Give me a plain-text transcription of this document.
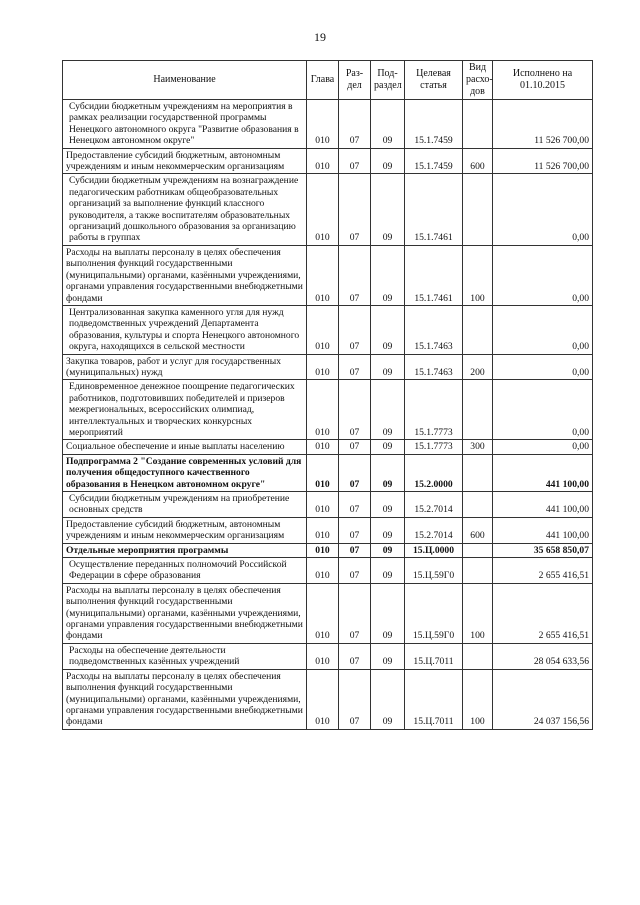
19
Наименование	Глава	Раз-дел	Под-раздел	Целевая статья	Вид расхо-дов	Исполнено на 01.10.2015
Субсидии бюджетным учреждениям на мероприятия в рамках реализации государственной программы Ненецкого автономного округа "Развитие образования в Ненецком автономном округе"	010	07	09	15.1.7459		11 526 700,00
Предоставление субсидий бюджетным, автономным учреждениям и иным некоммерческим организациям	010	07	09	15.1.7459	600	11 526 700,00
Субсидии бюджетным учреждениям на вознаграждение педагогическим работникам общеобразовательных организаций за выполнение функций классного руководителя, а также воспитателям образовательных организаций дошкольного образования за организацию работы в группах	010	07	09	15.1.7461		0,00
Расходы на выплаты персоналу в целях обеспечения выполнения функций государственными (муниципальными) органами, казёнными учреждениями, органами управления государственными внебюджетными фондами	010	07	09	15.1.7461	100	0,00
Централизованная закупка каменного угля для нужд подведомственных учреждений Департамента образования, культуры и спорта Ненецкого автономного округа, находящихся в сельской местности	010	07	09	15.1.7463		0,00
Закупка товаров, работ и услуг для государственных (муниципальных) нужд	010	07	09	15.1.7463	200	0,00
Единовременное денежное поощрение педагогических работников, подготовивших победителей и призеров межрегиональных, всероссийских олимпиад, интеллектуальных и творческих конкурсных мероприятий	010	07	09	15.1.7773		0,00
Социальное обеспечение и иные выплаты населению	010	07	09	15.1.7773	300	0,00
Подпрограмма 2 "Создание современных условий для получения общедоступного качественного образования в Ненецком автономном округе"	010	07	09	15.2.0000		441 100,00
Субсидии бюджетным учреждениям на приобретение основных средств	010	07	09	15.2.7014		441 100,00
Предоставление субсидий бюджетным, автономным учреждениям и иным некоммерческим организациям	010	07	09	15.2.7014	600	441 100,00
Отдельные мероприятия программы	010	07	09	15.Ц.0000		35 658 850,07
Осуществление переданных полномочий Российской Федерации в сфере образования	010	07	09	15.Ц.59Г0		2 655 416,51
Расходы на выплаты персоналу в целях обеспечения выполнения функций государственными (муниципальными) органами, казёнными учреждениями, органами управления государственными внебюджетными фондами	010	07	09	15.Ц.59Г0	100	2 655 416,51
Расходы на обеспечение деятельности подведомственных казённых учреждений	010	07	09	15.Ц.7011		28 054 633,56
Расходы на выплаты персоналу в целях обеспечения выполнения функций государственными (муниципальными) органами, казёнными учреждениями, органами управления государственными внебюджетными фондами	010	07	09	15.Ц.7011	100	24 037 156,56
